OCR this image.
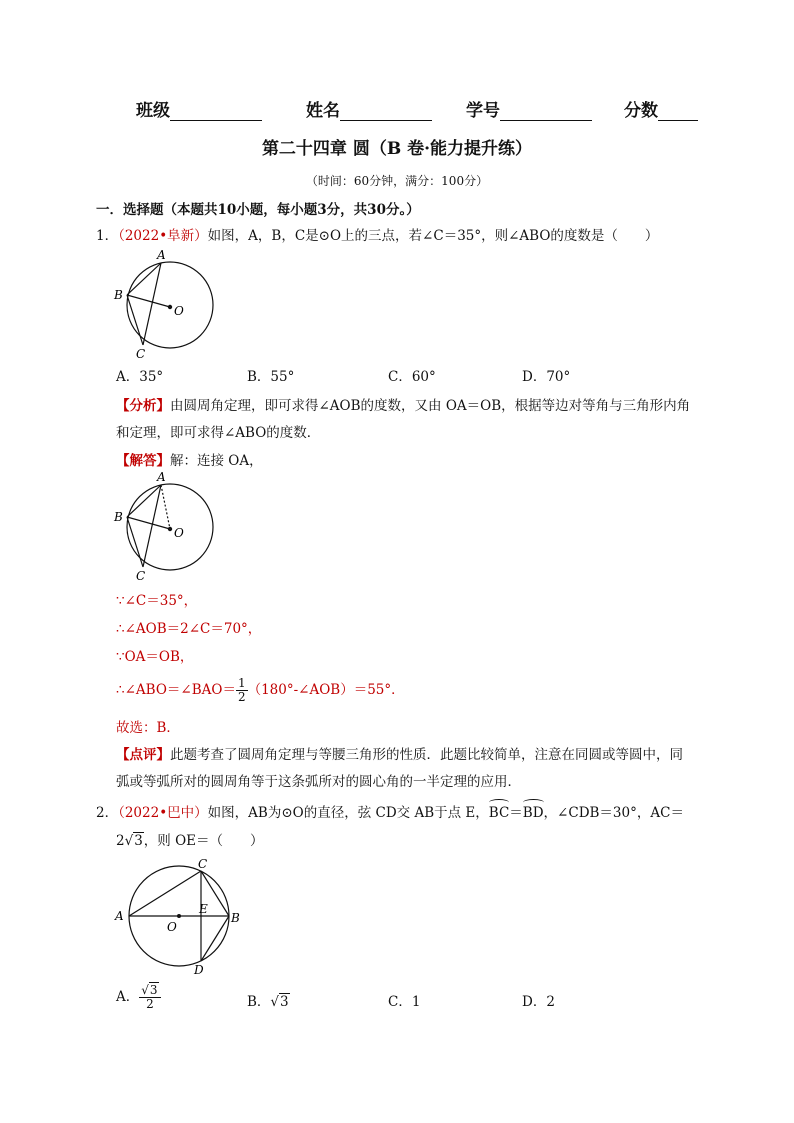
班级	姓名	学号	分数
第二十四章 圆（B 卷·能力提升练）
（时间：60分钟，满分：100分）
一．选择题（本题共10小题，每小题3分，共30分。）
1．（2022•阜新）如图，A，B，C是⊙O上的三点，若∠C＝35°，则∠ABO的度数是（　　）
A
B
O
C
A．35°	B．55°	C．60°	D．70°
【分析】由圆周角定理，即可求得∠AOB的度数，又由 OA＝OB，根据等边对等角与三角形内角
和定理，即可求得∠ABO的度数．
【解答】解：连接 OA，
A
B
O
C
∵∠C＝35°，
∴∠AOB＝2∠C＝70°，
∵OA＝OB，
∴∠ABO＝∠BAO＝ $\frac{1}{2}$ （180°-∠AOB）＝55°．
故选：B．
【点评】此题考查了圆周角定理与等腰三角形的性质．此题比较简单，注意在同圆或等圆中，同
弧或等弧所对的圆周角等于这条弧所对的圆心角的一半定理的应用．
2．（2022•巴中）如图，AB为⊙O的直径，弦 CD交 AB于点 E，BC＝BD，∠CDB＝30°，AC＝
2√3，则 OE＝（　　）
C
A	B
O
E
D
A． $\frac{√3}{2}$	B．√3	C．1	D．2
